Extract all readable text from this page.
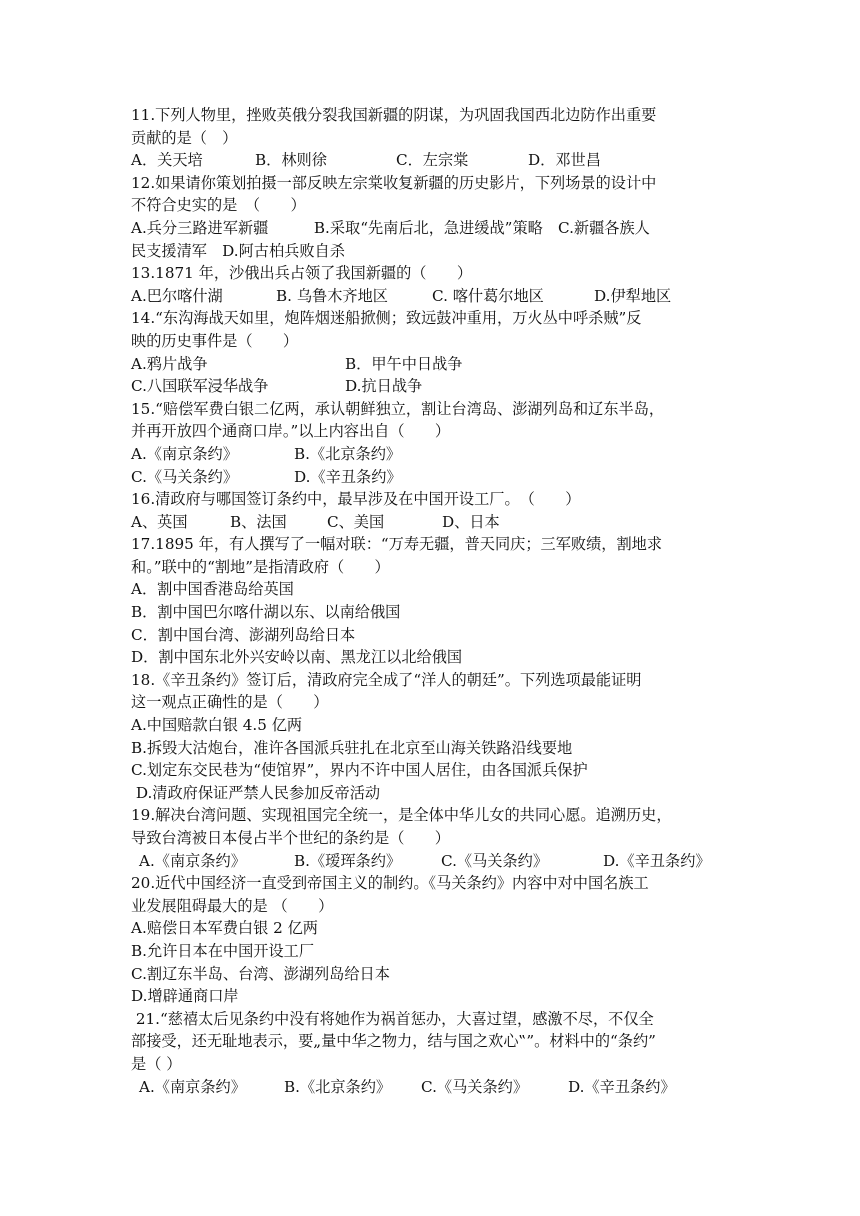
11.下列人物里，挫败英俄分裂我国新疆的阴谋，为巩固我国西北边防作出重要
贡献的是（　）
A．关天培	B．林则徐	C．左宗棠	D．邓世昌
12.如果请你策划拍摄一部反映左宗棠收复新疆的历史影片，下列场景的设计中
不符合史实的是　（　　）
A.兵分三路进军新疆　　　B.采取“先南后北，急进缓战”策略　C.新疆各族人
民支援清军　D.阿古柏兵败自杀
13.1871 年，沙俄出兵占领了我国新疆的（　　）
A.巴尔喀什湖	B. 乌鲁木齐地区	C. 喀什葛尔地区	D.伊犁地区
14.“东沟海战天如里，炮阵烟迷船掀侧；致远鼓冲重用，万火丛中呼杀贼”反
映的历史事件是（　　）
A.鸦片战争	B．甲午中日战争
C.八国联军浸华战争	D.抗日战争
15.“赔偿军费白银二亿两，承认朝鲜独立，割让台湾岛、澎湖列岛和辽东半岛，
并再开放四个通商口岸。”以上内容出自（　　）
A.《南京条约》	B.《北京条约》
C.《马关条约》	D.《辛丑条约》
16.清政府与哪国签订条约中，最早涉及在中国开设工厂。　（　　）
A、英国	B、法国	C、美国	D、日本
17.1895 年，有人撰写了一幅对联：“万寿无疆，普天同庆；三军败绩，割地求
和。”联中的“割地”是指清政府（　　）
A．割中国香港岛给英国
B．割中国巴尔喀什湖以东、以南给俄国
C．割中国台湾、澎湖列岛给日本
D．割中国东北外兴安岭以南、黑龙江以北给俄国
18.《辛丑条约》签订后，清政府完全成了“洋人的朝廷”。下列选项最能证明
这一观点正确性的是（　　）
A.中国赔款白银 4.5 亿两
B.拆毁大沽炮台，准许各国派兵驻扎在北京至山海关铁路沿线要地
C.划定东交民巷为“使馆界”，界内不许中国人居住，由各国派兵保护
D.清政府保证严禁人民参加反帝活动
19.解决台湾问题、实现祖国完全统一，是全体中华儿女的共同心愿。追溯历史，
导致台湾被日本侵占半个世纪的条约是（　　）
A.《南京条约》	B.《瑷珲条约》	C.《马关条约》	D.《辛丑条约》
20.近代中国经济一直受到帝国主义的制约。《马关条约》内容中对中国名族工
业发展阻碍最大的是 （　　）
A.赔偿日本军费白银 2 亿两
B.允许日本在中国开设工厂
C.割辽东半岛、台湾、澎湖列岛给日本
D.增辟通商口岸
21.“慈禧太后见条约中没有将她作为祸首惩办，大喜过望，感激不尽，不仅全
部接受，还无耻地表示，要„量中华之物力，结与国之欢心‟”。材料中的“条约”
是（ ）
A.《南京条约》	B.《北京条约》 C.《马关条约》	D.《辛丑条约》
